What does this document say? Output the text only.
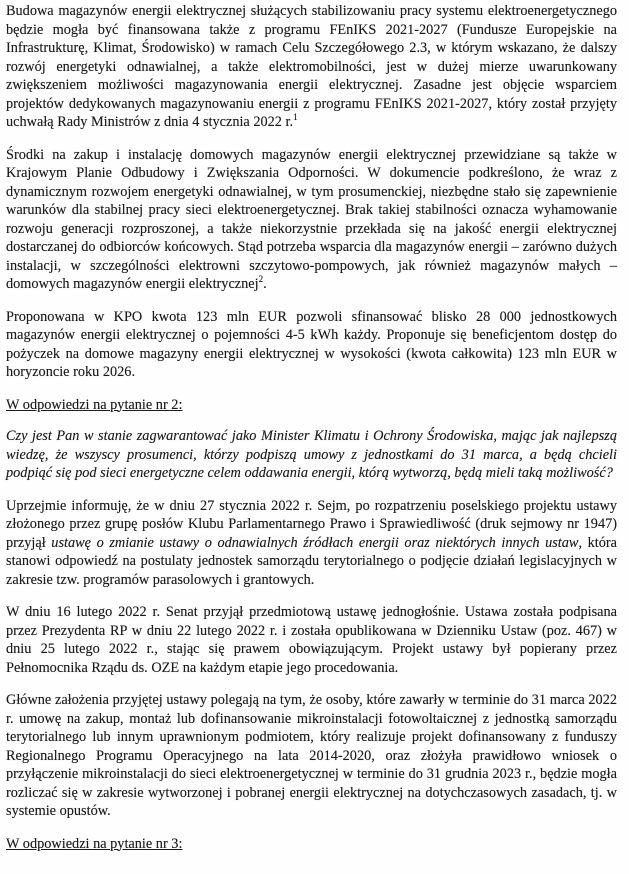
Budowa magazynów energii elektrycznej służących stabilizowaniu pracy systemu elektroenergetycznego będzie mogła być finansowana także z programu FEnIKS 2021-2027 (Fundusze Europejskie na Infrastrukturę, Klimat, Środowisko) w ramach Celu Szczegółowego 2.3, w którym wskazano, że dalszy rozwój energetyki odnawialnej, a także elektromobilności, jest w dużej mierze uwarunkowany zwiększeniem możliwości magazynowania energii elektrycznej. Zasadne jest objęcie wsparciem projektów dedykowanych magazynowaniu energii z programu FEnIKS 2021-2027, który został przyjęty uchwałą Rady Ministrów z dnia 4 stycznia 2022 r.$^1$

Środki na zakup i instalację domowych magazynów energii elektrycznej przewidziane są także w Krajowym Planie Odbudowy i Zwiększania Odporności. W dokumencie podkreślono, że wraz z dynamicznym rozwojem energetyki odnawialnej, w tym prosumenckiej, niezbędne stało się zapewnienie warunków dla stabilnej pracy sieci elektroenergetycznej. Brak takiej stabilności oznacza wyhamowanie rozwoju generacji rozproszonej, a także niekorzystnie przekłada się na jakość energii elektrycznej dostarczanej do odbiorców końcowych. Stąd potrzeba wsparcia dla magazynów energii – zarówno dużych instalacji, w szczególności elektrowni szczytowo-pompowych, jak również magazynów małych – domowych magazynów energii elektrycznej$^2$.

Proponowana w KPO kwota 123 mln EUR pozwoli sfinansować blisko 28 000 jednostkowych magazynów energii elektrycznej o pojemności 4-5 kWh każdy. Proponuje się beneficjentom dostęp do pożyczek na domowe magazyny energii elektrycznej w wysokości (kwota całkowita) 123 mln EUR w horyzoncie roku 2026.

W odpowiedzi na pytanie nr 2:

Czy jest Pan w stanie zagwarantować jako Minister Klimatu i Ochrony Środowiska, mając jak najlepszą wiedzę, że wszyscy prosumenci, którzy podpiszą umowy z jednostkami do 31 marca, a będą chcieli podpiąć się pod sieci energetyczne celem oddawania energii, którą wytworzą, będą mieli taką możliwość?

Uprzejmie informuję, że w dniu 27 stycznia 2022 r. Sejm, po rozpatrzeniu poselskiego projektu ustawy złożonego przez grupę posłów Klubu Parlamentarnego Prawo i Sprawiedliwość (druk sejmowy nr 1947) przyjął ustawę o zmianie ustawy o odnawialnych źródłach energii oraz niektórych innych ustaw, która stanowi odpowiedź na postulaty jednostek samorządu terytorialnego o podjęcie działań legislacyjnych w zakresie tzw. programów parasolowych i grantowych.

W dniu 16 lutego 2022 r. Senat przyjął przedmiotową ustawę jednogłośnie. Ustawa została podpisana przez Prezydenta RP w dniu 22 lutego 2022 r. i została opublikowana w Dzienniku Ustaw (poz. 467) w dniu 25 lutego 2022 r., stając się prawem obowiązującym. Projekt ustawy był popierany przez Pełnomocnika Rządu ds. OZE na każdym etapie jego procedowania.

Główne założenia przyjętej ustawy polegają na tym, że osoby, które zawarły w terminie do 31 marca 2022 r. umowę na zakup, montaż lub dofinansowanie mikroinstalacji fotowoltaicznej z jednostką samorządu terytorialnego lub innym uprawnionym podmiotem, który realizuje projekt dofinansowany z funduszy Regionalnego Programu Operacyjnego na lata 2014-2020, oraz złożyła prawidłowo wniosek o przyłączenie mikroinstalacji do sieci elektroenergetycznej w terminie do 31 grudnia 2023 r., będzie mogła rozliczać się w zakresie wytworzonej i pobranej energii elektrycznej na dotychczasowych zasadach, tj. w systemie opustów.

W odpowiedzi na pytanie nr 3:
